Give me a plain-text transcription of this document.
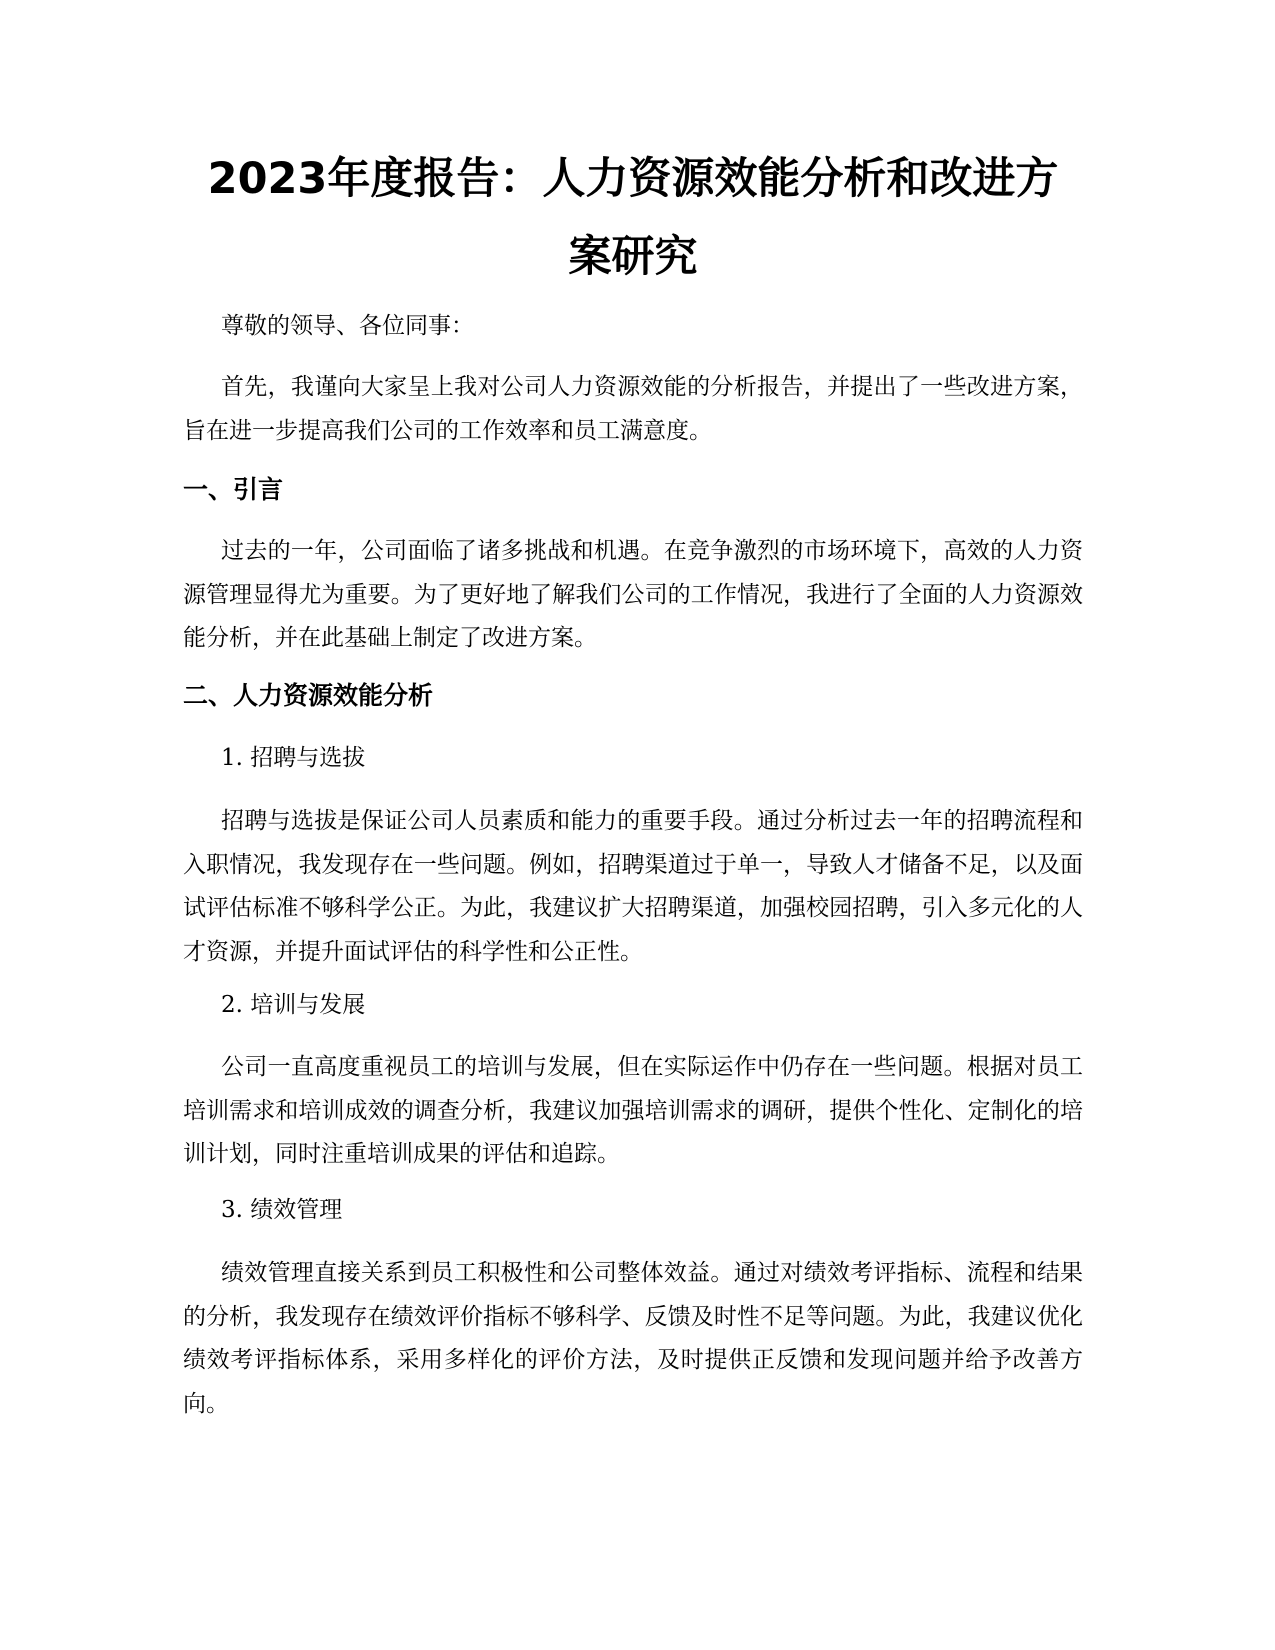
2023年度报告：人力资源效能分析和改进方
案研究

尊敬的领导、各位同事：

首先，我谨向大家呈上我对公司人力资源效能的分析报告，并提出了一些改进方案，旨在进一步提高我们公司的工作效率和员工满意度。

一、引言

过去的一年，公司面临了诸多挑战和机遇。在竞争激烈的市场环境下，高效的人力资源管理显得尤为重要。为了更好地了解我们公司的工作情况，我进行了全面的人力资源效能分析，并在此基础上制定了改进方案。

二、人力资源效能分析

1. 招聘与选拔

招聘与选拔是保证公司人员素质和能力的重要手段。通过分析过去一年的招聘流程和入职情况，我发现存在一些问题。例如，招聘渠道过于单一，导致人才储备不足，以及面试评估标准不够科学公正。为此，我建议扩大招聘渠道，加强校园招聘，引入多元化的人才资源，并提升面试评估的科学性和公正性。

2. 培训与发展

公司一直高度重视员工的培训与发展，但在实际运作中仍存在一些问题。根据对员工培训需求和培训成效的调查分析，我建议加强培训需求的调研，提供个性化、定制化的培训计划，同时注重培训成果的评估和追踪。

3. 绩效管理

绩效管理直接关系到员工积极性和公司整体效益。通过对绩效考评指标、流程和结果的分析，我发现存在绩效评价指标不够科学、反馈及时性不足等问题。为此，我建议优化绩效考评指标体系，采用多样化的评价方法，及时提供正反馈和发现问题并给予改善方向。
